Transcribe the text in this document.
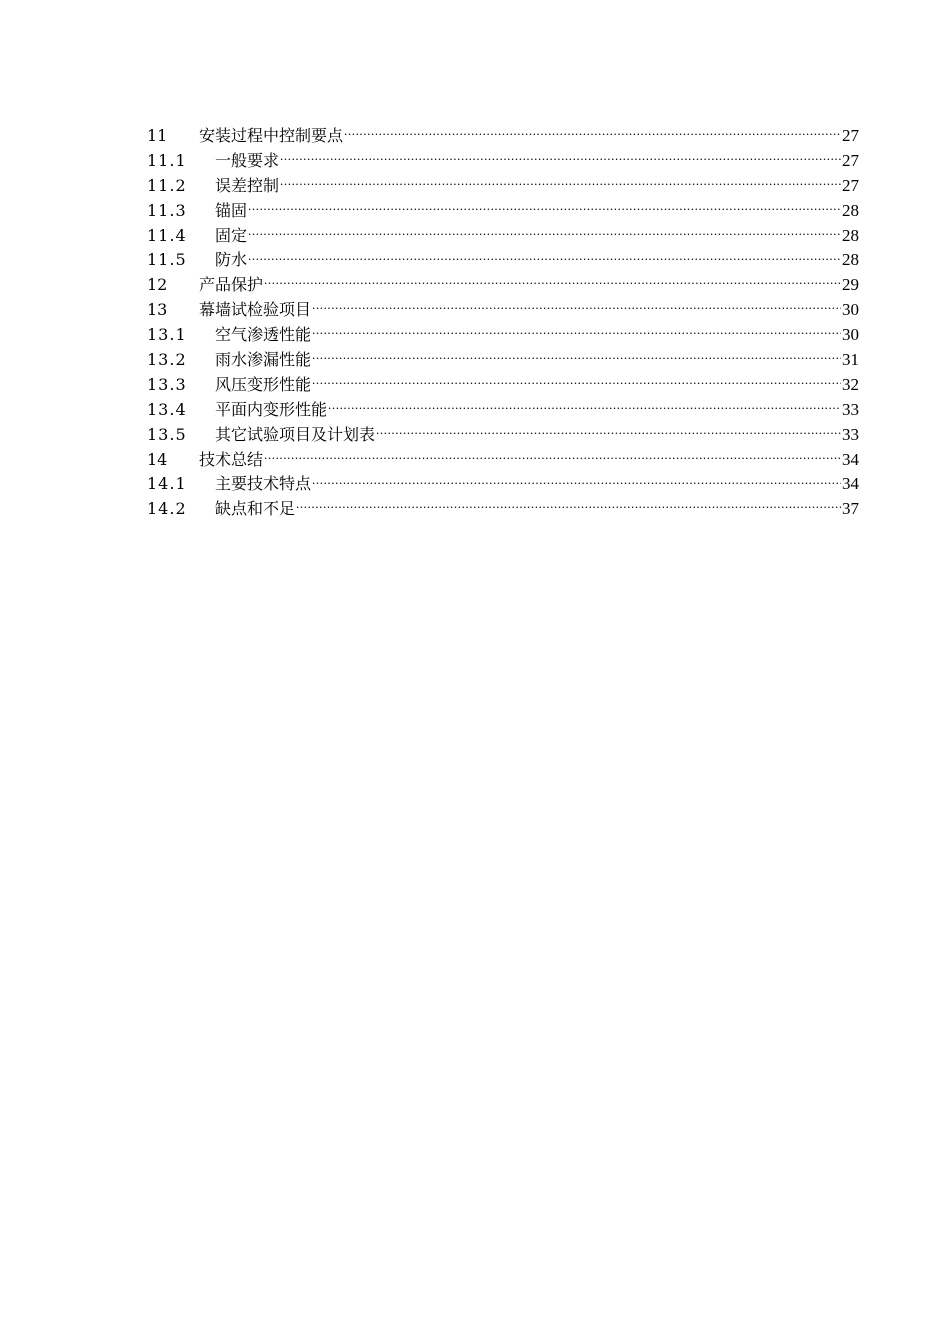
11	安装过程中控制要点 .....	27
11.1	一般要求 .....	27
11.2	误差控制 .....	27
11.3	锚固 .....	28
11.4	固定 .....	28
11.5	防水 .....	28
12	产品保护 .....	29
13	幕墙试检验项目 .....	30
13.1	空气渗透性能 .....	30
13.2	雨水渗漏性能 .....	31
13.3	风压变形性能 .....	32
13.4	平面内变形性能 .....	33
13.5	其它试验项目及计划表 .....	33
14	技术总结 .....	34
14.1	主要技术特点 .....	34
14.2	缺点和不足 .....	37
